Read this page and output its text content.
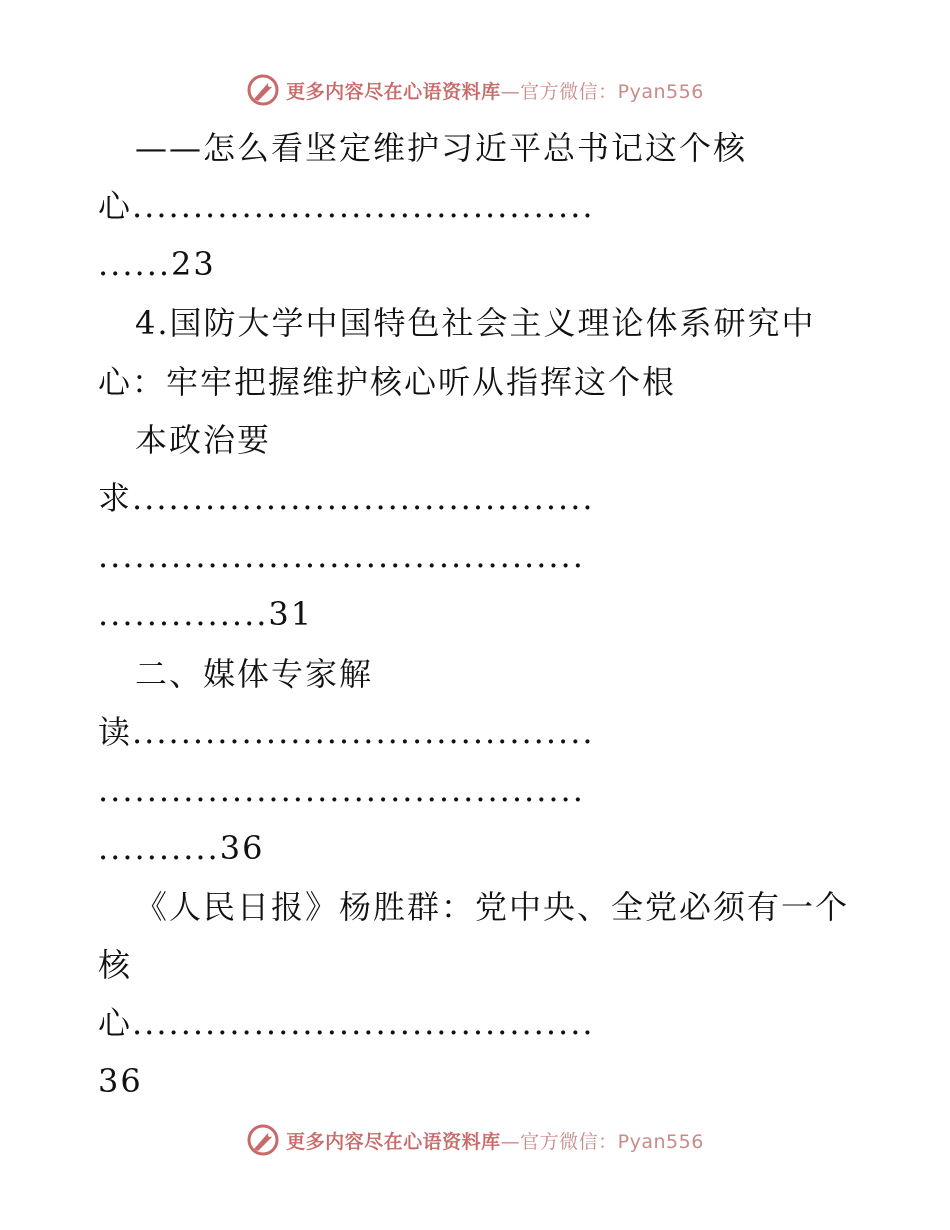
更多内容尽在心语资料库—官方微信：Pyan556
——怎么看坚定维护习近平总书记这个核
心......................................
......23
4.国防大学中国特色社会主义理论体系研究中
心：牢牢把握维护核心听从指挥这个根
本政治要
求......................................
........................................
..............31
二、媒体专家解
读......................................
........................................
..........36
《人民日报》杨胜群：党中央、全党必须有一个
核
心......................................
36
更多内容尽在心语资料库—官方微信：Pyan556
